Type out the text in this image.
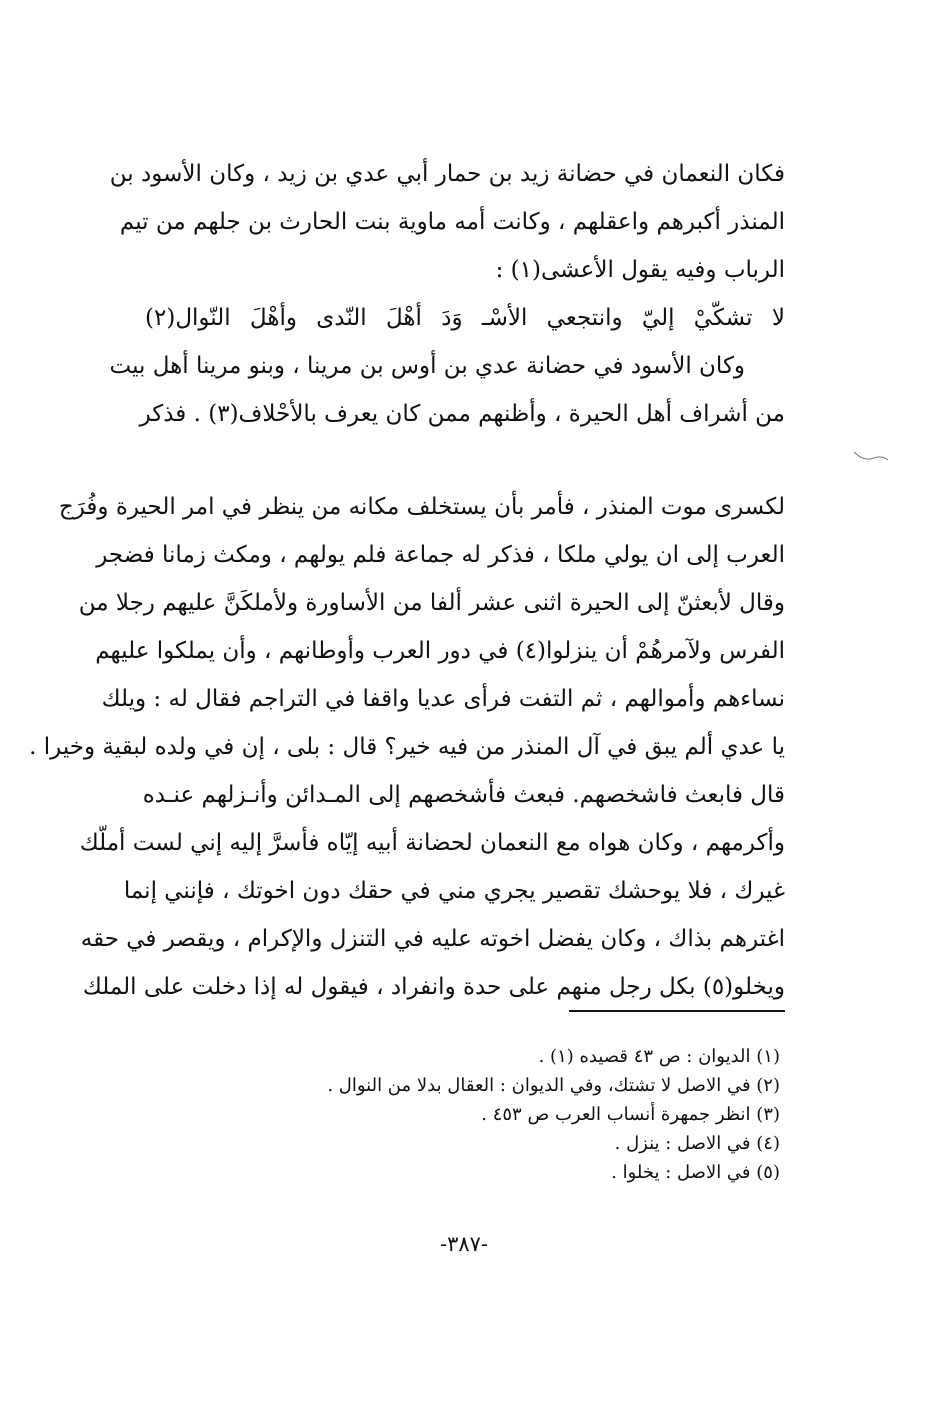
فكان النعمان في حضانة زيد بن حمار أبي عدي بن زيد ، وكان الأسود بن
المنذر أكبرهم واعقلهم ، وكانت أمه ماوية بنت الحارث بن جلهم من تيم
الرباب وفيه يقول الأعشى(١) :
لا تشكّيْ إليّ وانتجعي الأسْـ وَدَ أهْلَ النّدى وأهْلَ النّوال(٢)
وكان الأسود في حضانة عدي بن أوس بن مرينا ، وبنو مرينا أهل بيت
من أشراف أهل الحيرة ، وأظنهم ممن كان يعرف بالأحْلاف(٣) . فذكر
لكسرى موت المنذر ، فأمر بأن يستخلف مكانه من ينظر في امر الحيرة وفُرَج
العرب إلى ان يولي ملكا ، فذكر له جماعة فلم يولهم ، ومكث زمانا فضجر
وقال لأبعثنّ إلى الحيرة اثنى عشر ألفا من الأساورة ولأملكَنَّ عليهم رجلا من
الفرس ولآمرهُمْ أن ينزلوا(٤) في دور العرب وأوطانهم ، وأن يملكوا عليهم
نساءهم وأموالهم ، ثم التفت فرأى عديا واقفا في التراجم فقال له : ويلك
يا عدي ألم يبق في آل المنذر من فيه خير؟ قال : بلى ، إن في ولده لبقية وخيرا .
قال فابعث فاشخصهم. فبعث فأشخصهم إلى المـدائن وأنـزلهم عنـده
وأكرمهم ، وكان هواه مع النعمان لحضانة أبيه إيّاه فأسرَّ إليه إني لست أملّك
غيرك ، فلا يوحشك تقصير يجري مني في حقك دون اخوتك ، فإنني إنما
اغترهم بذاك ، وكان يفضل اخوته عليه في التنزل والإكرام ، ويقصر في حقه
ويخلو(٥) بكل رجل منهم على حدة وانفراد ، فيقول له إذا دخلت على الملك
(١) الديوان : ص ٤٣ قصيده (١) .
(٢) في الاصل لا تشتك، وفي الديوان : العقال بدلا من النوال .
(٣) انظر جمهرة أنساب العرب ص ٤٥٣ .
(٤) في الاصل : ينزل .
(٥) في الاصل : يخلوا .
-٣٨٧-
